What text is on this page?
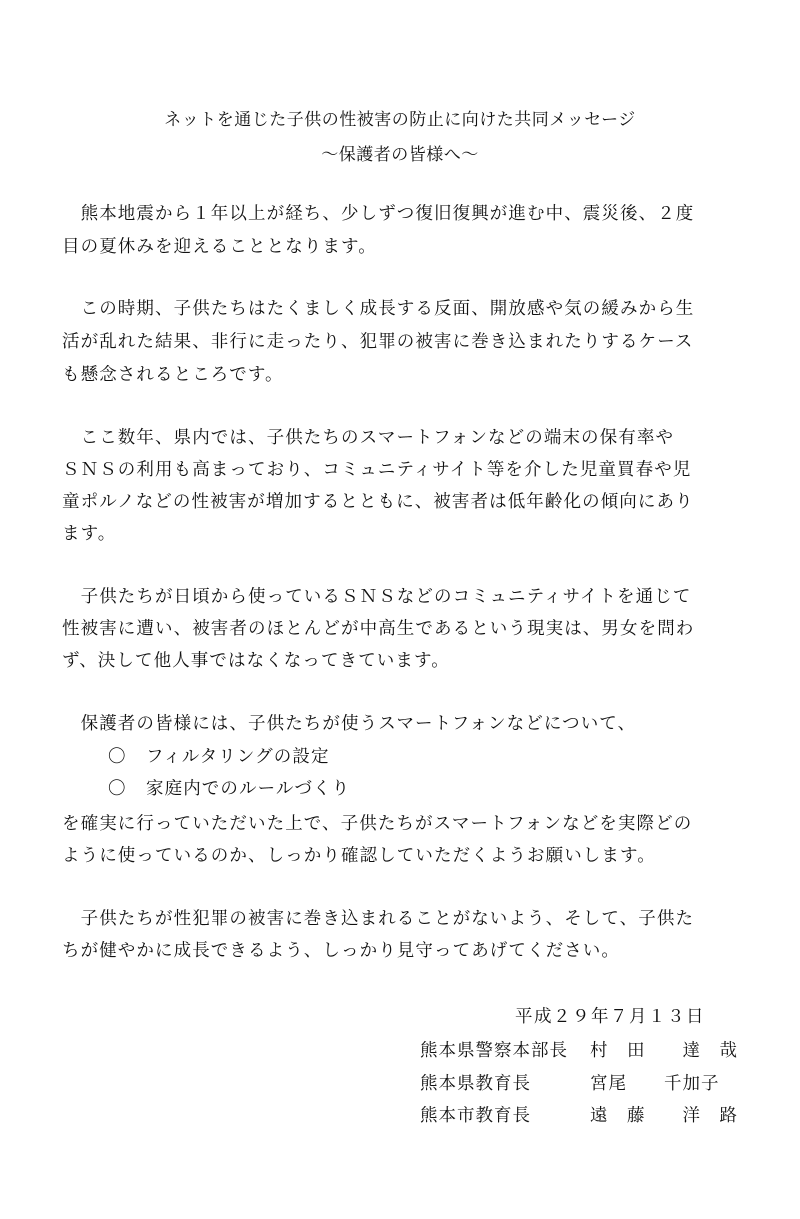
ネットを通じた子供の性被害の防止に向けた共同メッセージ
～保護者の皆様へ～
　熊本地震から１年以上が経ち、少しずつ復旧復興が進む中、震災後、２度
目の夏休みを迎えることとなります。
　この時期、子供たちはたくましく成長する反面、開放感や気の緩みから生
活が乱れた結果、非行に走ったり、犯罪の被害に巻き込まれたりするケース
も懸念されるところです。
　ここ数年、県内では、子供たちのスマートフォンなどの端末の保有率や
ＳＮＳの利用も高まっており、コミュニティサイト等を介した児童買春や児
童ポルノなどの性被害が増加するとともに、被害者は低年齢化の傾向にあり
ます。
　子供たちが日頃から使っているＳＮＳなどのコミュニティサイトを通じて
性被害に遭い、被害者のほとんどが中高生であるという現実は、男女を問わ
ず、決して他人事ではなくなってきています。
　保護者の皆様には、子供たちが使うスマートフォンなどについて、
〇 フィルタリングの設定
〇 家庭内でのルールづくり
を確実に行っていただいた上で、子供たちがスマートフォンなどを実際どの
ように使っているのか、しっかり確認していただくようお願いします。
　子供たちが性犯罪の被害に巻き込まれることがないよう、そして、子供た
ちが健やかに成長できるよう、しっかり見守ってあげてください。
平成２９年７月１３日
熊本県警察本部長 村　田　　達　哉
熊本県教育長	宮尾　　千加子
熊本市教育長	遠　藤　　洋　路
